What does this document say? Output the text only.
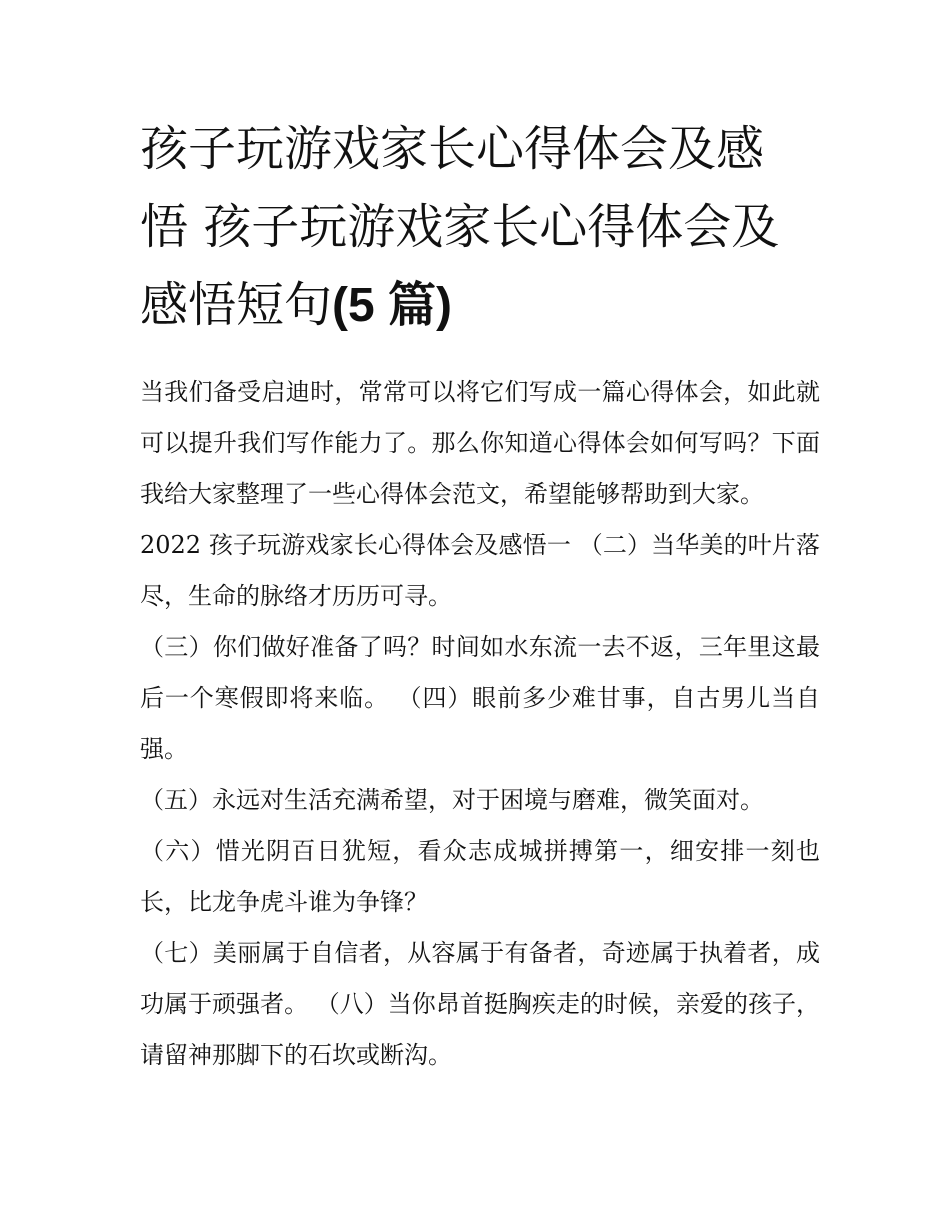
孩子玩游戏家长心得体会及感
悟 孩子玩游戏家长心得体会及
感悟短句(5 篇)

当我们备受启迪时，常常可以将它们写成一篇心得体会，如此就可以提升我们写作能力了。那么你知道心得体会如何写吗？下面我给大家整理了一些心得体会范文，希望能够帮助到大家。

2022 孩子玩游戏家长心得体会及感悟一 （二）当华美的叶片落尽，生命的脉络才历历可寻。

（三）你们做好准备了吗？时间如水东流一去不返，三年里这最后一个寒假即将来临。 （四）眼前多少难甘事，自古男儿当自强。

（五）永远对生活充满希望，对于困境与磨难，微笑面对。

（六）惜光阴百日犹短，看众志成城拼搏第一，细安排一刻也长，比龙争虎斗谁为争锋？

（七）美丽属于自信者，从容属于有备者，奇迹属于执着者，成功属于顽强者。 （八）当你昂首挺胸疾走的时候，亲爱的孩子，请留神那脚下的石坎或断沟。
